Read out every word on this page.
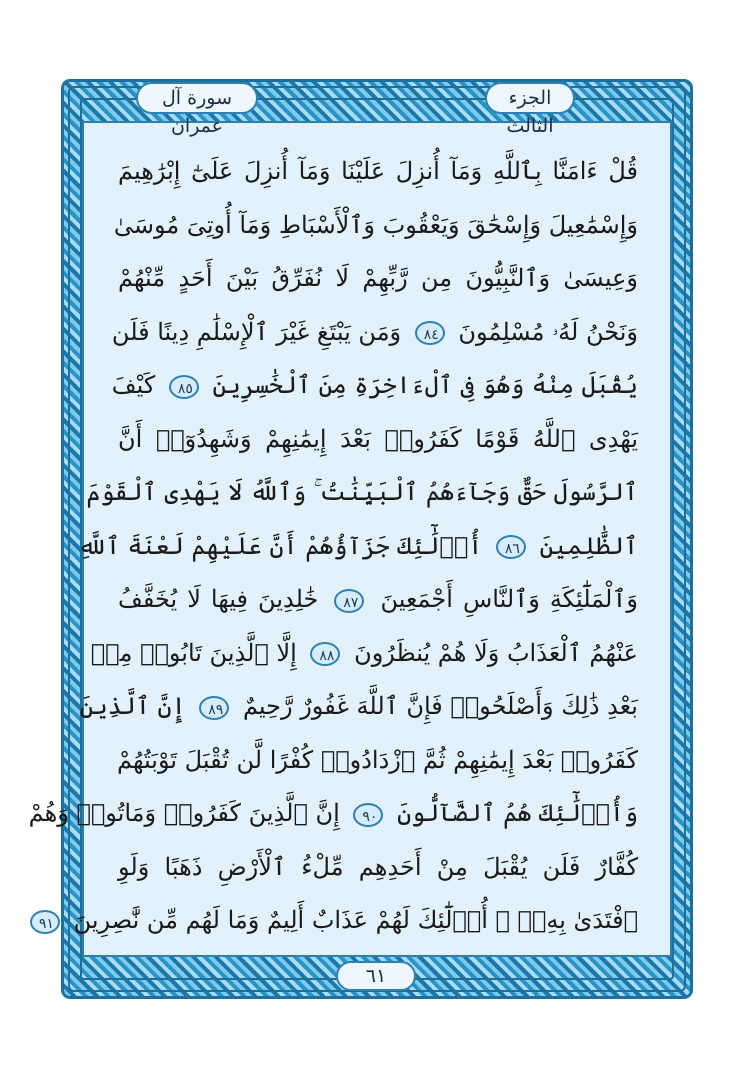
الجزء الثالث
سورة آل عمران
قُلْ ءَامَنَّا بِٱللَّهِ وَمَآ أُنزِلَ عَلَيْنَا وَمَآ أُنزِلَ عَلَىٰٓ إِبْرَٰهِيمَ
وَإِسْمَٰعِيلَ وَإِسْحَٰقَ وَيَعْقُوبَ وَٱلْأَسْبَاطِ وَمَآ أُوتِىَ مُوسَىٰ
وَعِيسَىٰ وَٱلنَّبِيُّونَ مِن رَّبِّهِمْ لَا نُفَرِّقُ بَيْنَ أَحَدٍ مِّنْهُمْ
وَنَحْنُ لَهُۥ مُسْلِمُونَ ٨٤ وَمَن يَبْتَغِ غَيْرَ ٱلْإِسْلَٰمِ دِينًا فَلَن
يُقْبَلَ مِنْهُ وَهُوَ فِى ٱلْءَاخِرَةِ مِنَ ٱلْخَٰسِرِينَ ٨٥ كَيْفَ
يَهْدِى ٱللَّهُ قَوْمًا كَفَرُوا۟ بَعْدَ إِيمَٰنِهِمْ وَشَهِدُوٓا۟ أَنَّ
ٱلرَّسُولَ حَقٌّ وَجَآءَهُمُ ٱلْبَيِّنَٰتُ ۚ وَٱللَّهُ لَا يَهْدِى ٱلْقَوْمَ
ٱلظَّٰلِمِينَ ٨٦ أُو۟لَٰٓئِكَ جَزَآؤُهُمْ أَنَّ عَلَيْهِمْ لَعْنَةَ ٱللَّهِ
وَٱلْمَلَٰٓئِكَةِ وَٱلنَّاسِ أَجْمَعِينَ ٨٧ خَٰلِدِينَ فِيهَا لَا يُخَفَّفُ
عَنْهُمُ ٱلْعَذَابُ وَلَا هُمْ يُنظَرُونَ ٨٨ إِلَّا ٱلَّذِينَ تَابُوا۟ مِنۢ
بَعْدِ ذَٰلِكَ وَأَصْلَحُوا۟ فَإِنَّ ٱللَّهَ غَفُورٌ رَّحِيمٌ ٨٩ إِنَّ ٱلَّذِينَ
كَفَرُوا۟ بَعْدَ إِيمَٰنِهِمْ ثُمَّ ٱزْدَادُوا۟ كُفْرًا لَّن تُقْبَلَ تَوْبَتُهُمْ
وَأُو۟لَٰٓئِكَ هُمُ ٱلضَّآلُّونَ ٩٠ إِنَّ ٱلَّذِينَ كَفَرُوا۟ وَمَاتُوا۟ وَهُمْ
كُفَّارٌ فَلَن يُقْبَلَ مِنْ أَحَدِهِم مِّلْءُ ٱلْأَرْضِ ذَهَبًا وَلَوِ
ٱفْتَدَىٰ بِهِۦٓ ۗ أُو۟لَٰٓئِكَ لَهُمْ عَذَابٌ أَلِيمٌ وَمَا لَهُم مِّن نَّٰصِرِينَ ٩١
٦١
